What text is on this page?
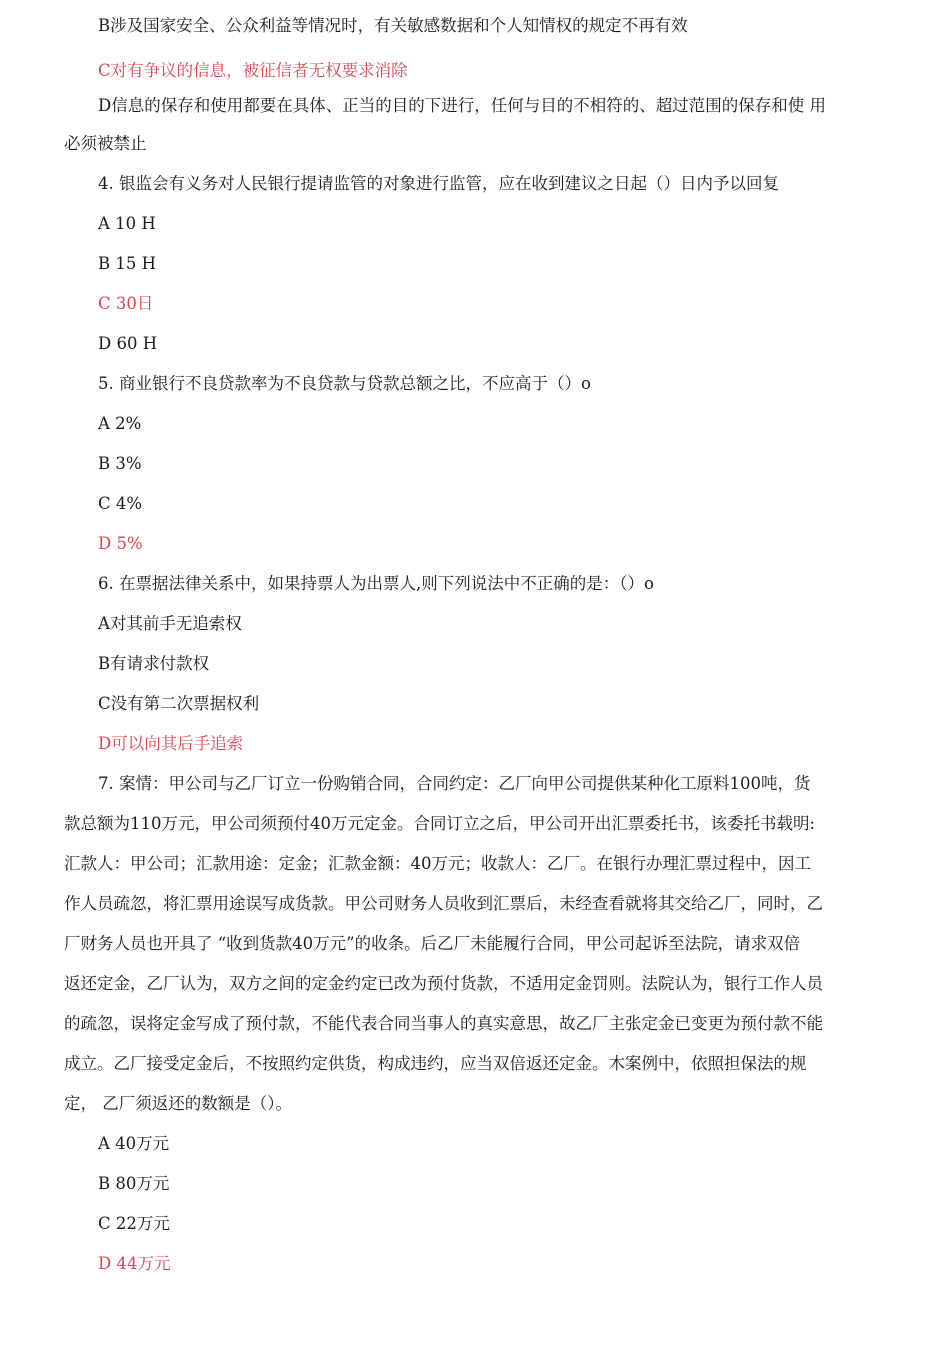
B涉及国家安全、公众利益等情况时，有关敏感数据和个人知情权的规定不再有效
C对有争议的信息，被征信者无权要求消除
D信息的保存和使用都要在具体、正当的目的下进行，任何与目的不相符的、超过范围的保存和使 用
必须被禁止
4. 银监会有义务对人民银行提请监管的对象进行监管，应在收到建议之日起（）日内予以回复
A 10 H
B 15 H
C 30日
D 60 H
5. 商业银行不良贷款率为不良贷款与贷款总额之比，不应高于（）o
A 2%
B 3%
C 4%
D 5%
6. 在票据法律关系中，如果持票人为出票人,则下列说法中不正确的是：（）o
A对其前手无追索权
B有请求付款权
C没有第二次票据权利
D可以向其后手追索
7. 案情：甲公司与乙厂订立一份购销合同，合同约定：乙厂向甲公司提供某种化工原料100吨，货
款总额为110万元，甲公司须预付40万元定金。合同订立之后，甲公司开出汇票委托书，该委托书载明:
汇款人：甲公司；汇款用途：定金；汇款金额：40万元；收款人：乙厂。在银行办理汇票过程中，因工
作人员疏忽，将汇票用途误写成货款。甲公司财务人员收到汇票后，未经查看就将其交给乙厂，同时，乙
厂财务人员也开具了 “收到货款40万元”的收条。后乙厂未能履行合同，甲公司起诉至法院，请求双倍
返还定金，乙厂认为，双方之间的定金约定已改为预付货款，不适用定金罚则。法院认为，银行工作人员
的疏忽，误将定金写成了预付款，不能代表合同当事人的真实意思，故乙厂主张定金已变更为预付款不能
成立。乙厂接受定金后，不按照约定供货，构成违约，应当双倍返还定金。木案例中，依照担保法的规
定， 乙厂须返还的数额是（）。
A 40万元
B 80万元
C 22万元
D 44万元
